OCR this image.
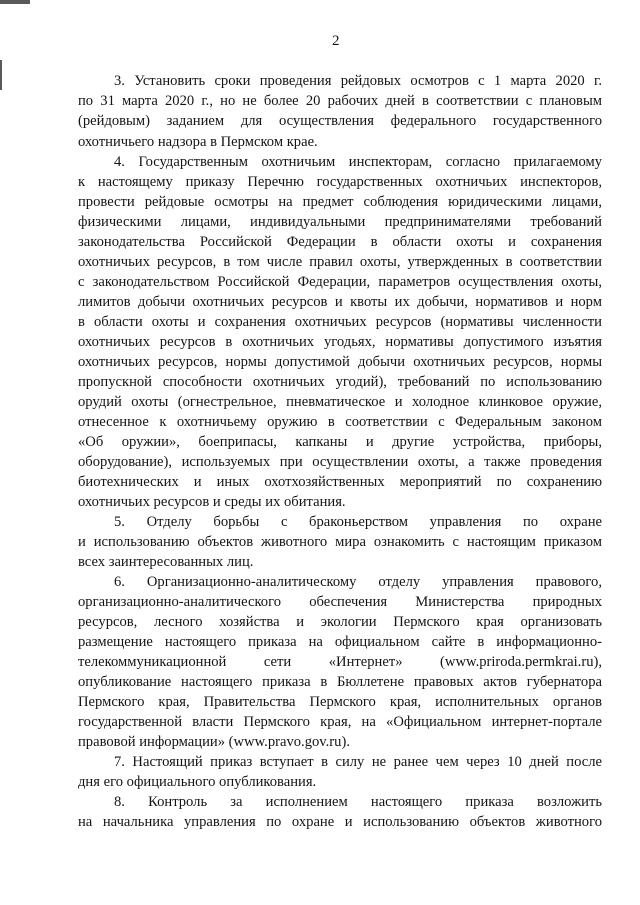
2
3. Установить сроки проведения рейдовых осмотров с 1 марта 2020 г.
по 31 марта 2020 г., но не более 20 рабочих дней в соответствии с плановым
(рейдовым) заданием для осуществления федерального государственного
охотничьего надзора в Пермском крае.
4. Государственным охотничьим инспекторам, согласно прилагаемому
к настоящему приказу Перечню государственных охотничьих инспекторов,
провести рейдовые осмотры на предмет соблюдения юридическими лицами,
физическими лицами, индивидуальными предпринимателями требований
законодательства Российской Федерации в области охоты и сохранения
охотничьих ресурсов, в том числе правил охоты, утвержденных в соответствии
с законодательством Российской Федерации, параметров осуществления охоты,
лимитов добычи охотничьих ресурсов и квоты их добычи, нормативов и норм
в области охоты и сохранения охотничьих ресурсов (нормативы численности
охотничьих ресурсов в охотничьих угодьях, нормативы допустимого изъятия
охотничьих ресурсов, нормы допустимой добычи охотничьих ресурсов, нормы
пропускной способности охотничьих угодий), требований по использованию
орудий охоты (огнестрельное, пневматическое и холодное клинковое оружие,
отнесенное к охотничьему оружию в соответствии с Федеральным законом
«Об оружии», боеприпасы, капканы и другие устройства, приборы,
оборудование), используемых при осуществлении охоты, а также проведения
биотехнических и иных охотхозяйственных мероприятий по сохранению
охотничьих ресурсов и среды их обитания.
5. Отделу борьбы с браконьерством управления по охране
и использованию объектов животного мира ознакомить с настоящим приказом
всех заинтересованных лиц.
6. Организационно-аналитическому отделу управления правового,
организационно-аналитического обеспечения Министерства природных
ресурсов, лесного хозяйства и экологии Пермского края организовать
размещение настоящего приказа на официальном сайте в информационно-
телекоммуникационной сети «Интернет» (www.priroda.permkrai.ru),
опубликование настоящего приказа в Бюллетене правовых актов губернатора
Пермского края, Правительства Пермского края, исполнительных органов
государственной власти Пермского края, на «Официальном интернет-портале
правовой информации» (www.pravo.gov.ru).
7. Настоящий приказ вступает в силу не ранее чем через 10 дней после
дня его официального опубликования.
8. Контроль за исполнением настоящего приказа возложить
на начальника управления по охране и использованию объектов животного
